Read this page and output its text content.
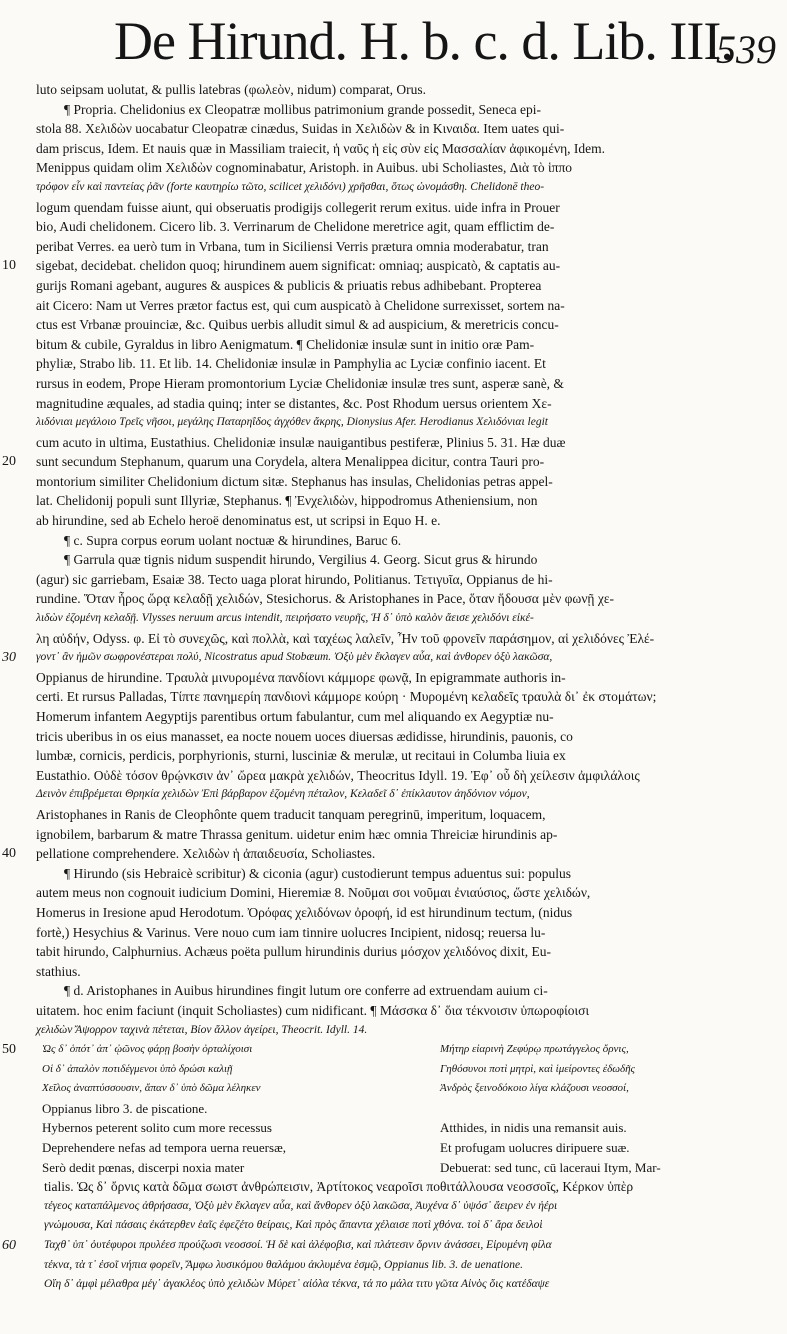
De Hirund. H. b. c. d. Lib. III.
539
luto seipsam uolutat, & pullis latebras (φωλεὸν, nidum) comparat, Orus.
¶ Propria. Chelidonius ex Cleopatræ mollibus patrimonium grande possedit, Seneca epi-
stola 88. Χελιδὼν uocabatur Cleopatræ cinædus, Suidas in Χελιδὼν & in Κιναιδα. Item uates qui-
dam priscus, Idem. Et nauis quæ in Massiliam traiecit, ἡ ναῦς ἡ εἰς σὺν εἰς Μασσαλίαν ἀφικομένη, Idem.
Menippus quidam olim Χελιδὼν cognominabatur, Aristoph. in Auibus. ubi Scholiastes, Διὰ τὸ ἱππο
τρόφον εἶν καὶ παντείας ῥᾶν (forte καυτηρίω τῶτο, scilicet χελιδόνι) χρῆσθαι, ὅτως ὠνομάσθη. Chelidonē theo-
logum quendam fuisse aiunt, qui obseruatis prodigijs collegerit rerum exitus. uide infra in Prouer
bio, Audi chelidonem. Cicero lib. 3. Verrinarum de Chelidone meretrice agit, quam efflictim de-
peribat Verres. ea uerò tum in Vrbana, tum in Siciliensi Verris prætura omnia moderabatur, tran
10	sigebat, decidebat. chelidon quoq; hirundinem auem significat: omniaq; auspicatò, & captatis au-
gurijs Romani agebant, augures & auspices & publicis & priuatis rebus adhibebant. Propterea
ait Cicero: Nam ut Verres prætor factus est, qui cum auspicatò à Chelidone surrexisset, sortem na-
ctus est Vrbanæ prouinciæ, &c. Quibus uerbis alludit simul & ad auspicium, & meretricis concu-
bitum & cubile, Gyraldus in libro Aenigmatum. ¶ Chelidoniæ insulæ sunt in initio oræ Pam-
phyliæ, Strabo lib. 11. Et lib. 14. Chelidoniæ insulæ in Pamphylia ac Lyciæ confinio iacent. Et
rursus in eodem, Prope Hieram promontorium Lyciæ Chelidoniæ insulæ tres sunt, asperæ sanè, &
magnitudine æquales, ad stadia quinq; inter se distantes, &c. Post Rhodum uersus orientem Χε-
λιδόνιαι μεγάλοιο Τρεῖς νῆσοι, μεγάλης Παταρηΐδος ἀγχόθεν ἄκρης, Dionysius Afer. Herodianus Χελιδόνιαι legit
cum acuto in ultima, Eustathius. Chelidoniæ insulæ nauigantibus pestiferæ, Plinius 5. 31. Hæ duæ
20	sunt secundum Stephanum, quarum una Corydela, altera Menalippea dicitur, contra Tauri pro-
montorium similiter Chelidonium dictum sitæ. Stephanus has insulas, Chelidonias petras appel-
lat. Chelidonij populi sunt Illyriæ, Stephanus. ¶ Ἐνχελιδὼν, hippodromus Atheniensium, non
ab hirundine, sed ab Echelo heroë denominatus est, ut scripsi in Equo H. e.
¶ c. Supra corpus eorum uolant noctuæ & hirundines, Baruc 6.
¶ Garrula quæ tignis nidum suspendit hirundo, Vergilius 4. Georg. Sicut grus & hirundo
(agur) sic garriebam, Esaiæ 38. Tecto uaga plorat hirundo, Politianus. Τετιγυῖα, Oppianus de hi-
rundine. Ὅταν ἦρος ὥρᾳ κελαδῇ χελιδών, Stesichorus. & Aristophanes in Pace, ὅταν ἥδουσα μὲν φωνῇ χε-
λιδὼν ἐζομένη κελαδῇ. Vlysses neruum arcus intendit, πειρήσατο νευρῆς, Ἡ δ᾽ ὑπὸ καλὸν ἄεισε χελιδόνι εἰκέ-
λη αὐδήν, Odyss. φ. Εἰ τὸ συνεχῶς, καὶ πολλὰ, καὶ ταχέως λαλεῖν, Ἦν τοῦ φρονεῖν παράσημον, αἱ χελιδόνες Ἐλέ-
30	γοντ᾽ ἂν ἡμῶν σωφρονέστεραι πολύ, Nicostratus apud Stobæum. Ὀξὺ μὲν ἔκλαγεν αὖα, καὶ ἀνθορεν ὀξὺ λακῶσα,
Oppianus de hirundine. Τραυλὰ μινυρομένα πανδίονι κάμμορε φωνᾷ, In epigrammate authoris in-
certi. Et rursus Palladas, Τίπτε πανημερίη πανδιονὶ κάμμορε κούρη · Μυρομένη κελαδεῖς τραυλὰ δι᾽ ἐκ στομάτων;
Homerum infantem Aegyptijs parentibus ortum fabulantur, cum mel aliquando ex Aegyptiæ nu-
tricis uberibus in os eius manasset, ea nocte nouem uoces diuersas ædidisse, hirundinis, pauonis, co
lumbæ, cornicis, perdicis, porphyrionis, sturni, lusciniæ & merulæ, ut recitaui in Columba liuia ex
Eustathio. Οὐδὲ τόσον θρῴνκσιν ἀν᾽ ὤρεα μακρὰ χελιδών, Theocritus Idyll. 19. Ἐφ᾽ οὗ δὴ χείλεσιν ἀμφιλάλοις
Δεινὸν ἐπιβρέμεται Θρηκία χελιδὼν Ἐπὶ βάρβαρον ἑζομένη πέταλον, Κελαδεῖ δ᾽ ἐπίκλαυτον ἀηδόνιον νόμον,
Aristophanes in Ranis de Cleophônte quem traducit tanquam peregrinū, imperitum, loquacem,
ignobilem, barbarum & matre Thrassa genitum. uidetur enim hæc omnia Threiciæ hirundinis ap-
40	pellatione comprehendere. Χελιδὼν ἡ ἀπαιδευσία, Scholiastes.
¶ Hirundo (sis Hebraicè scribitur) & ciconia (agur) custodierunt tempus aduentus sui: populus
autem meus non cognouit iudicium Domini, Hieremiæ 8. Νοῦμαι σοι νοῦμαι ἐνιαύσιος, ὥστε χελιδών,
Homerus in Iresione apud Herodotum. Ὀρόφας χελιδόνων ὀροφή, id est hirundinum tectum, (nidus
fortè,) Hesychius & Varinus. Vere nouo cum iam tinnire uolucres Incipient, nidosq; reuersa lu-
tabit hirundo, Calphurnius. Achæus poëta pullum hirundinis durius μόσχον χελιδόνος dixit, Eu-
stathius.
¶ d. Aristophanes in Auibus hirundines fingit lutum ore conferre ad extruendam auium ci-
uitatem. hoc enim faciunt (inquit Scholiastes) cum nidificant. ¶ Μάσσκα δ᾽ ὅια τέκνοισιν ὑπωροφίοισι
χελιδὼν Ἄψορρον ταχινὰ πέτεται, Βίον ἄλλον ἀγείρει, Theocrit. Idyll. 14.
50	Ὡς δ᾽ ὁπότ᾽ ἀπ᾽ ᾠῶνος φάρῃ βοσὴν ὀρταλίχοισι	Μήτηρ εἰαρινὴ Ζεφύρῳ πρωτάγγελος ὄρνις,
Οἱ δ᾽ ἀπαλὸν ποτιδέγμενοι ὑπὸ δρώσι καλιῇ	Γηθόσυνοι ποτὶ μητρὶ, καὶ ἱμείροντες ἐδωδῆς
Χεῖλος ἀναπτύσσουσιν, ἅπαν δ᾽ ὑπὸ δῶμα λέληκεν	Ἀνδρὸς ξεινοδόκοιο λίγα κλάζουσι νεοσσοί,
Oppianus libro 3. de piscatione.
Hybernos peterent solito cum more recessus	Atthides, in nidis una remansit auis.
Deprehendere nefas ad tempora uerna reuersæ,	Et profugam uolucres diripuere suæ.
Serò dedit pœnas, discerpi noxia mater	Debuerat: sed tunc, cū laceraui Itym, Mar-
tialis. Ὡς δ᾽ ὄρνις κατὰ δῶμα σωιστ ἀνθρώπεισιν, Ἀρτίτοκος νεαροῖσι ποθιτάλλουσα νεοσσοῖς, Κέρκον ὑπὲρ
τέγεος καταπάλμενος ἀθρήσασα, Ὀξὺ μὲν ἔκλαγεν αὖα, καὶ ἄνθορεν ὀξὺ λακῶσα, Ἀυχένα δ᾽ ὑψόσ᾽ ἄειρεν ἐν ἠέρι
γνώμουσα, Καὶ πάσαις ἐκάτερθεν ἑαῖς ἐφεζέτο θείραις, Καὶ πρὸς ἅπαντα χέλαισε ποτὶ χθόνα. τοὶ δ᾽ ἄρα δειλοὶ
60	Ταχθ᾽ ὑπ᾽ ὀυτέφυροι πρυλέεσ προύζωσι νεοσσοί. Ἡ δὲ καὶ ἀλέφοβισ, καὶ πλάτεσιν ὄρνιν ἀνάσσει, Εἰρυμένη φίλα
τέκνα, τὰ τ᾽ ἐσοῖ νήπια φορεῖν, Ἄμφω λυσικόμου θαλάμου ἀκλυμένα ἑσμῷ, Oppianus lib. 3. de uenatione.
Οἵη δ᾽ ἀμφὶ μέλαθρα μέγ᾽ ἀγακλέος ὑπὸ χελιδὼν Μύρετ᾽ αἰόλα τέκνα, τά πο μάλα τιτυ γῶτα Αἰνὸς ὄις κατέδαψε
